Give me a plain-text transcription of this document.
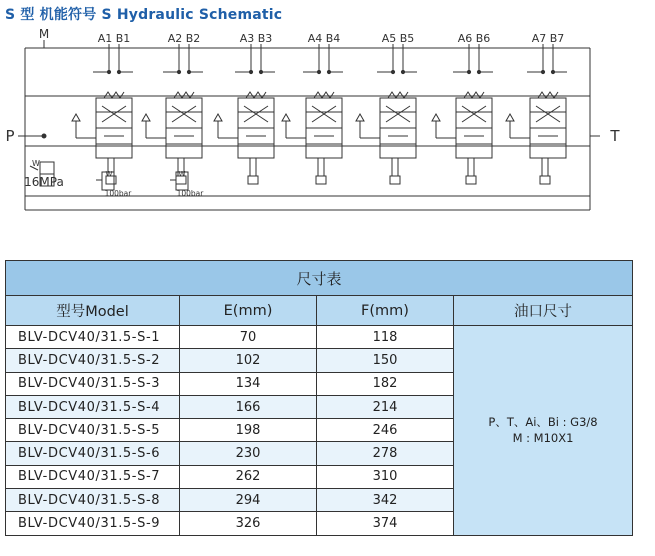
S 型 机能符号 S Hydraulic Schematic
A1 B1	A2 B2	A3 B3	A4 B4	A5 B5	A6 B6	A7 B7
M
P	T
16MPa
100bar	100bar
W
W	W
尺寸表			
型号Model	E(mm)	F(mm)	油口尺寸
BLV-DCV40/31.5-S-1	70	118	P、T、Ai、Bi : G3/8
M : M10X1

BLV-DCV40/31.5-S-2	102	150	
BLV-DCV40/31.5-S-3	134	182	
BLV-DCV40/31.5-S-4	166	214	
BLV-DCV40/31.5-S-5	198	246	
BLV-DCV40/31.5-S-6	230	278	
BLV-DCV40/31.5-S-7	262	310	
BLV-DCV40/31.5-S-8	294	342	
BLV-DCV40/31.5-S-9	326	374	
